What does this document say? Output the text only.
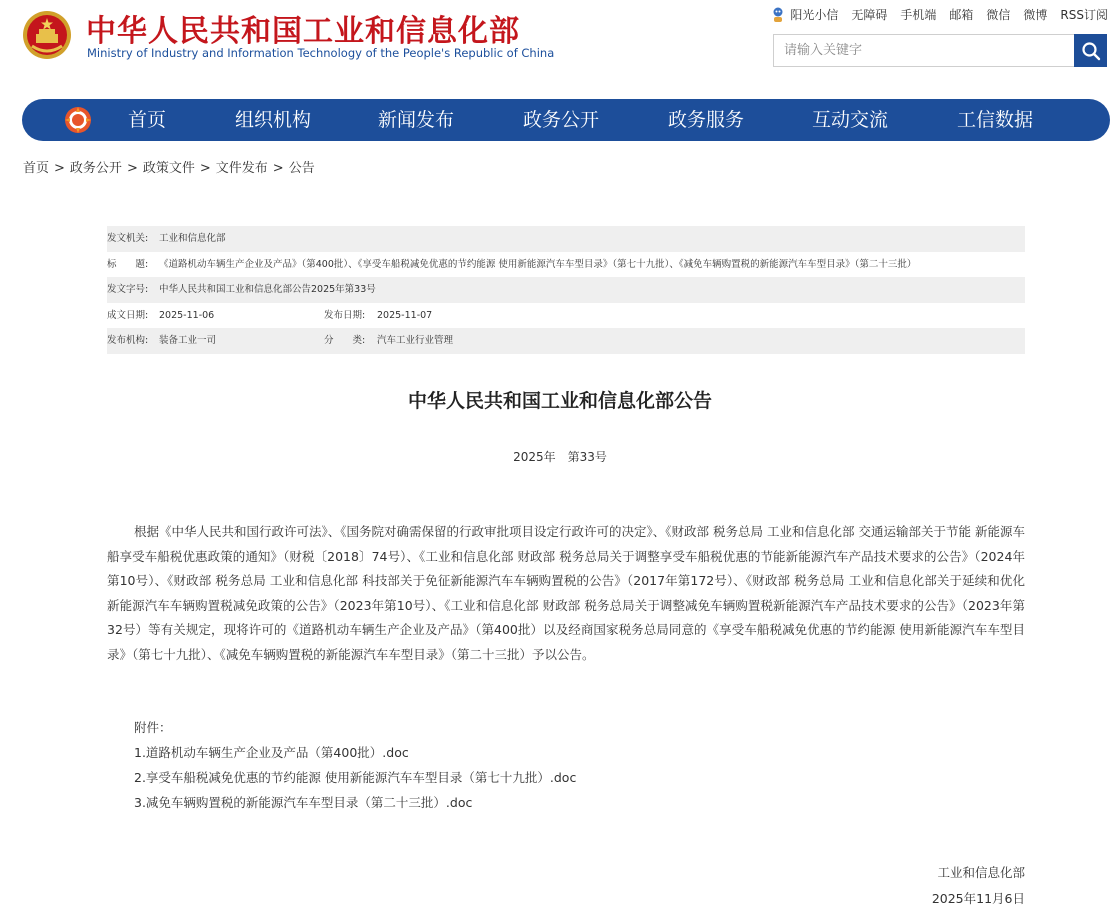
中华人民共和国工业和信息化部
Ministry of Industry and Information Technology of the People's Republic of China
阳光小信 无障碍 手机端 邮箱 微信 微博 RSS订阅
请输入关键字
首页	组织机构	新闻发布	政务公开	政务服务	互动交流	工信数据
首页 > 政务公开 > 政策文件 > 文件发布 > 公告
发文机关: 工业和信息化部
标　　题: 《道路机动车辆生产企业及产品》（第400批）、《享受车船税减免优惠的节约能源 使用新能源汽车车型目录》（第七十九批）、《减免车辆购置税的新能源汽车车型目录》（第二十三批）
发文字号: 中华人民共和国工业和信息化部公告2025年第33号
成文日期: 2025-11-06	发布日期: 2025-11-07
发布机构: 装备工业一司	分　　类: 汽车工业行业管理
中华人民共和国工业和信息化部公告
2025年　第33号
根据《中华人民共和国行政许可法》、《国务院对确需保留的行政审批项目设定行政许可的决定》、《财政部 税务总局 工业和信息化部 交通运输部关于节能 新能源车船享受车船税优惠政策的通知》（财税〔2018〕74号）、《工业和信息化部 财政部 税务总局关于调整享受车船税优惠的节能新能源汽车产品技术要求的公告》（2024年第10号）、《财政部 税务总局 工业和信息化部 科技部关于免征新能源汽车车辆购置税的公告》（2017年第172号）、《财政部 税务总局 工业和信息化部关于延续和优化新能源汽车车辆购置税减免政策的公告》（2023年第10号）、《工业和信息化部 财政部 税务总局关于调整减免车辆购置税新能源汽车产品技术要求的公告》（2023年第32号）等有关规定，现将许可的《道路机动车辆生产企业及产品》（第400批）以及经商国家税务总局同意的《享受车船税减免优惠的节约能源 使用新能源汽车车型目录》（第七十九批）、《减免车辆购置税的新能源汽车车型目录》（第二十三批）予以公告。
附件：
1.道路机动车辆生产企业及产品（第400批）.doc
2.享受车船税减免优惠的节约能源 使用新能源汽车车型目录（第七十九批）.doc
3.减免车辆购置税的新能源汽车车型目录（第二十三批）.doc
工业和信息化部
2025年11月6日
